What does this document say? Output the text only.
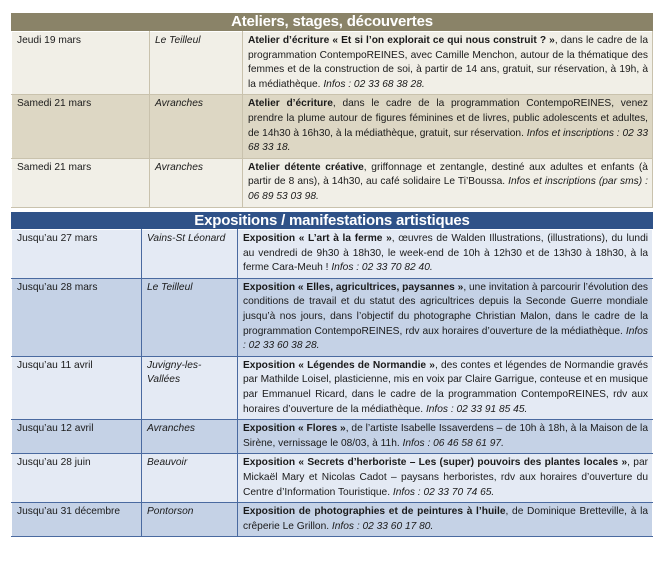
Ateliers, stages, découvertes
Jeudi 19 mars	Le Teilleul	Atelier d’écriture « Et si l’on explorait ce qui nous construit ? », dans le cadre de la programmation ContempoREINES, avec Camille Menchon, autour de la thématique des femmes et de la construction de soi, à partir de 14 ans, gratuit, sur réservation, à 19h, à la médiathèque. Infos : 02 33 68 38 28.
Samedi 21 mars	Avranches	Atelier d’écriture, dans le cadre de la programmation ContempoREINES, venez prendre la plume autour de figures féminines et de livres, public adolescents et adultes, de 14h30 à 16h30, à la médiathèque, gratuit, sur réservation. Infos et inscriptions : 02 33 68 33 18.
Samedi 21 mars	Avranches	Atelier détente créative, griffonnage et zentangle, destiné aux adultes et enfants (à partir de 8 ans), à 14h30, au café solidaire Le Ti’Boussa. Infos et inscriptions (par sms) : 06 89 53 03 98.
Expositions / manifestations artistiques
Jusqu’au 27 mars	Vains-St Léonard	Exposition « L’art à la ferme », œuvres de Walden Illustrations, (illustrations), du lundi au vendredi de 9h30 à 18h30, le week-end de 10h à 12h30 et de 13h30 à 18h30, à la ferme Cara-Meuh ! Infos : 02 33 70 82 40.
Jusqu’au 28 mars	Le Teilleul	Exposition « Elles, agricultrices, paysannes », une invitation à parcourir l’évolution des conditions de travail et du statut des agricultrices depuis la Seconde Guerre mondiale jusqu’à nos jours, dans l’objectif du photographe Christian Malon, dans le cadre de la programmation ContempoREINES, rdv aux horaires d’ouverture de la médiathèque. Infos : 02 33 60 38 28.
Jusqu’au 11 avril	Juvigny-les-Vallées	Exposition « Légendes de Normandie », des contes et légendes de Normandie gravés par Mathilde Loisel, plasticienne, mis en voix par Claire Garrigue, conteuse et en musique par Emmanuel Ricard, dans le cadre de la programmation ContempoREINES, rdv aux horaires d’ouverture de la médiathèque. Infos : 02 33 91 85 45.
Jusqu’au 12 avril	Avranches	Exposition « Flores », de l’artiste Isabelle Issaverdens – de 10h à 18h, à la Maison de la Sirène, vernissage le 08/03, à 11h. Infos : 06 46 58 61 97.
Jusqu’au 28 juin	Beauvoir	Exposition « Secrets d’herboriste – Les (super) pouvoirs des plantes locales », par Mickaël Mary et Nicolas Cadot – paysans herboristes, rdv aux horaires d’ouverture du Centre d’Information Touristique. Infos : 02 33 70 74 65.
Jusqu’au 31 décembre	Pontorson	Exposition de photographies et de peintures à l’huile, de Dominique Bretteville, à la crêperie Le Grillon. Infos : 02 33 60 17 80.
